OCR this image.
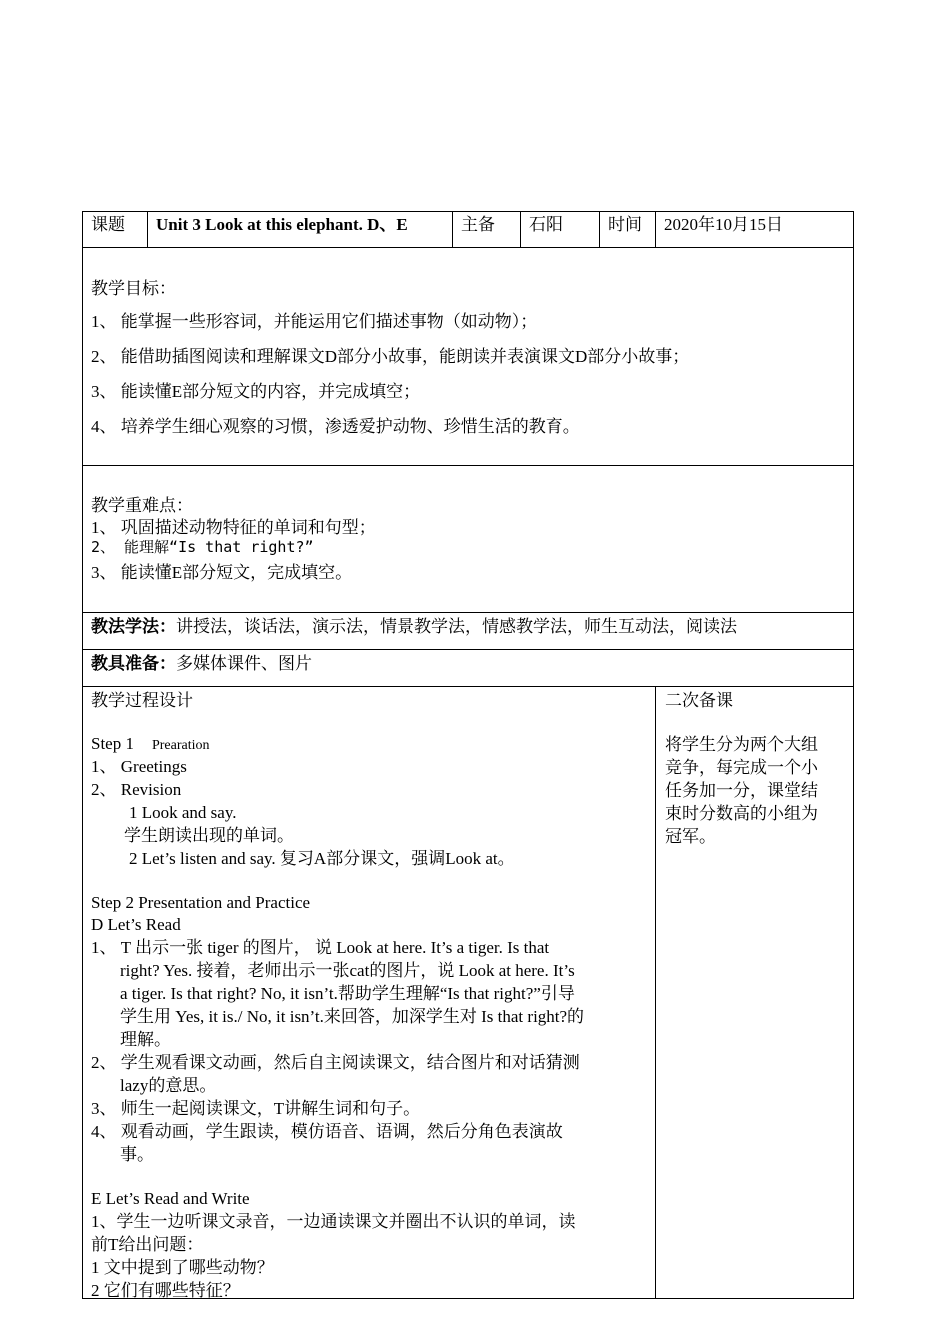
课题 Unit 3 Look at this elephant. D、E	主备 石阳	时间 2020年10月15日
教学目标：
1、 能掌握一些形容词，并能运用它们描述事物（如动物）；
2、 能借助插图阅读和理解课文D部分小故事，能朗读并表演课文D部分小故事；
3、 能读懂E部分短文的内容，并完成填空；
4、 培养学生细心观察的习惯，渗透爱护动物、珍惜生活的教育。
教学重难点：
1、 巩固描述动物特征的单词和句型；
2、 能理解“Is that right?”
3、 能读懂E部分短文，完成填空。
教法学法：讲授法，谈话法，演示法，情景教学法，情感教学法，师生互动法，阅读法
教具准备：多媒体课件、图片
教学过程设计
Step 1 Prearation
1、 Greetings
2、 Revision
1 Look and say.
学生朗读出现的单词。
2 Let’s listen and say. 复习A部分课文，强调Look at。
Step 2 Presentation and Practice
D Let’s Read
1、 T 出示一张 tiger 的图片， 说 Look at here. It’s a tiger. Is that
right? Yes. 接着，老师出示一张cat的图片，说 Look at here. It’s
a tiger. Is that right? No, it isn’t.帮助学生理解“Is that right?”引导
学生用 Yes, it is./ No, it isn’t.来回答，加深学生对 Is that right?的
理解。
2、 学生观看课文动画，然后自主阅读课文，结合图片和对话猜测
lazy的意思。
3、 师生一起阅读课文，T讲解生词和句子。
4、 观看动画，学生跟读，模仿语音、语调，然后分角色表演故
事。
E Let’s Read and Write
1、学生一边听课文录音，一边通读课文并圈出不认识的单词，读
前T给出问题：
1 文中提到了哪些动物？
2 它们有哪些特征？
二次备课
将学生分为两个大组
竞争，每完成一个小
任务加一分，课堂结
束时分数高的小组为
冠军。
